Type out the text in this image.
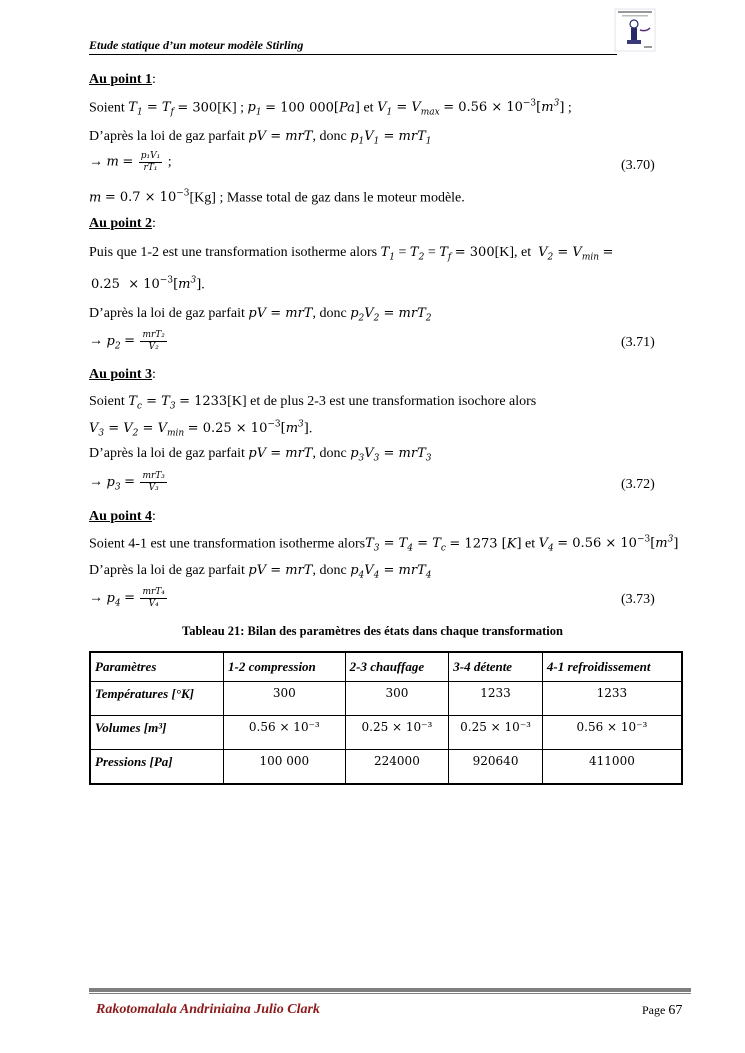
Etude statique d’un moteur modèle Stirling
Au point 1:
Soient $T_1 = T_f = 300[K]$ ; $p_1 = 100$ 000[Pa] et $V_1 = V_{max} = 0.56 \times 10^{-3}[m^3]$ ;
D’après la loi de gaz parfait pV = mrT, donc $p_1V_1 = mrT_1$
→ $m = \frac{\text{p₁V₁}}{\text{rT₁}}$ ;	(3.70)
$m = 0.7 \times 10^{-3}[Kg]$ ; Masse total de gaz dans le moteur modèle.
Au point 2:
Puis que 1-2 est une transformation isotherme alors $T_1 = T_2 = T_f = 300[K]$, et $V_2 = V_{min}$ =
$0.25 \times 10^{-3}[m^3]$.
D’après la loi de gaz parfait pV = mrT, donc $p_2V_2 = mrT_2$
→ $p_2 = \frac{\text{mrT₂}}{\text{V₂}}$	(3.71)
Au point 3:
Soient $T_c = T_3 = 1233[K]$ et de plus 2-3 est une transformation isochore alors
$V_3 = V_2 = V_{min} = 0.25 \times 10^{-3}[m^3]$.
D’après la loi de gaz parfait pV = mrT, donc $p_3V_3 = mrT_3$
→ $p_3 = \frac{\text{mrT₃}}{\text{V₃}}$	(3.72)
Au point 4:
Soient 4-1 est une transformation isotherme alorsT$_3$ = $T_4 = T_c = 1273$ [K] et $V_4 = 0.56 \times 10^{-3}[m^3]$
D’après la loi de gaz parfait pV = mrT, donc $p_4V_4 = mrT_4$
→ $p_4 = \frac{\text{mrT₄}}{\text{V₄}}$	(3.73)
Tableau 21: Bilan des paramètres des états dans chaque transformation
Paramètres	1-2 compression	2-3 chauffage	3-4 détente	4-1 refroidissement
Températures [°K]	300	300	1233	1233
Volumes [m³]	0.56 × 10⁻³	0.25 × 10⁻³	0.25 × 10⁻³	0.56 × 10⁻³
Pressions [Pa]	100 000	224000	920640	411000
Rakotomalala Andriniaina Julio Clark	Page 67
